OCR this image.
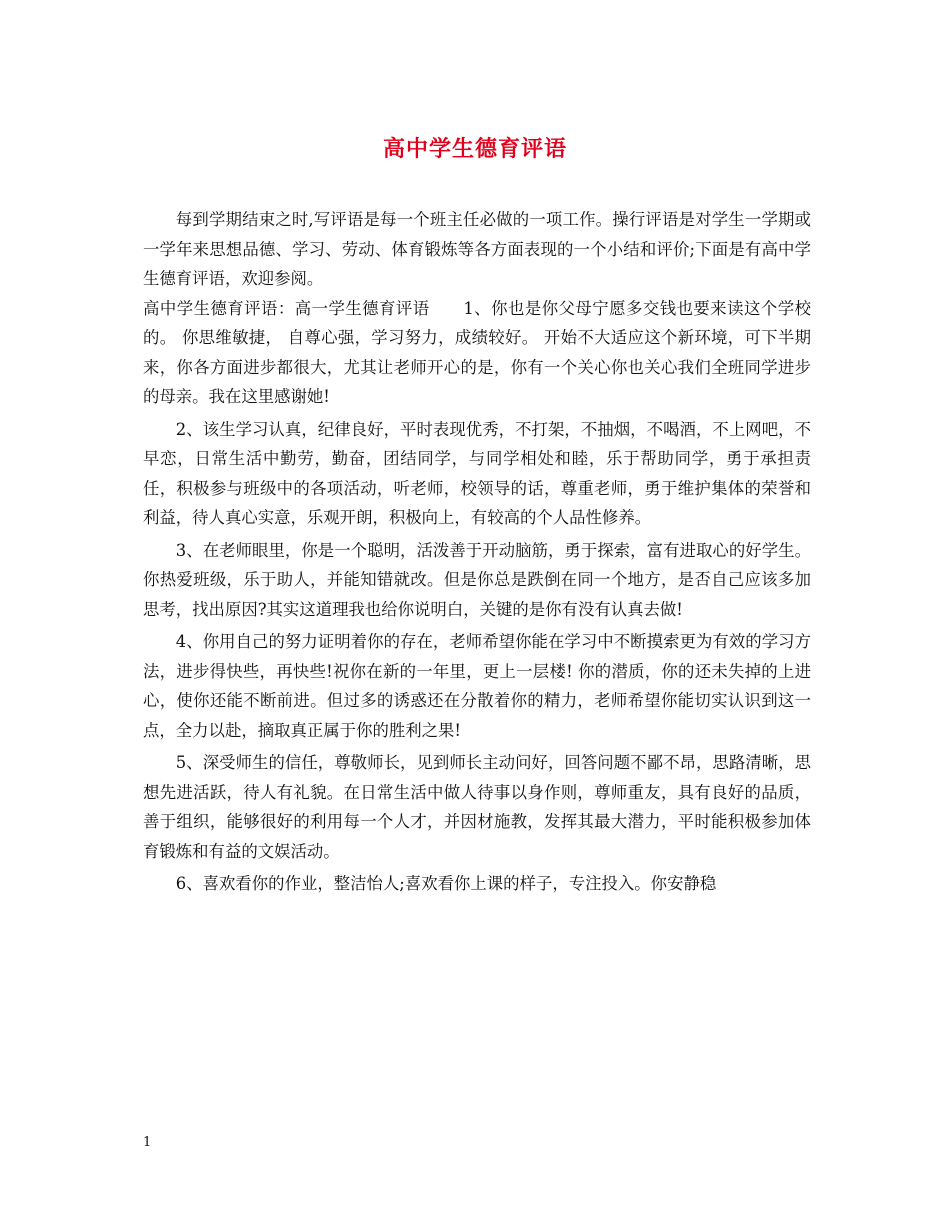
高中学生德育评语

每到学期结束之时,写评语是每一个班主任必做的一项工作。操行评语是对学生一学期或一学年来思想品德、学习、劳动、体育锻炼等各方面表现的一个小结和评价;下面是有高中学生德育评语，欢迎参阅。

高中学生德育评语：高一学生德育评语　　1、你也是你父母宁愿多交钱也要来读这个学校的。 你思维敏捷， 自尊心强，学习努力，成绩较好。 开始不大适应这个新环境，可下半期来，你各方面进步都很大，尤其让老师开心的是，你有一个关心你也关心我们全班同学进步的母亲。我在这里感谢她!

2、该生学习认真，纪律良好，平时表现优秀，不打架，不抽烟，不喝酒，不上网吧，不早恋，日常生活中勤劳，勤奋，团结同学，与同学相处和睦，乐于帮助同学，勇于承担责任，积极参与班级中的各项活动，听老师，校领导的话，尊重老师，勇于维护集体的荣誉和利益，待人真心实意，乐观开朗，积极向上，有较高的个人品性修养。

3、在老师眼里，你是一个聪明，活泼善于开动脑筋，勇于探索，富有进取心的好学生。你热爱班级，乐于助人，并能知错就改。但是你总是跌倒在同一个地方，是否自己应该多加思考，找出原因?其实这道理我也给你说明白，关键的是你有没有认真去做!

4、你用自己的努力证明着你的存在，老师希望你能在学习中不断摸索更为有效的学习方法，进步得快些，再快些!祝你在新的一年里，更上一层楼! 你的潜质，你的还未失掉的上进心，使你还能不断前进。但过多的诱惑还在分散着你的精力，老师希望你能切实认识到这一点，全力以赴，摘取真正属于你的胜利之果!

5、深受师生的信任，尊敬师长，见到师长主动问好，回答问题不鄙不昂，思路清晰，思想先进活跃，待人有礼貌。在日常生活中做人待事以身作则，尊师重友，具有良好的品质，善于组织，能够很好的利用每一个人才，并因材施教，发挥其最大潜力，平时能积极参加体育锻炼和有益的文娱活动。

6、喜欢看你的作业，整洁怡人;喜欢看你上课的样子，专注投入。你安静稳

1
